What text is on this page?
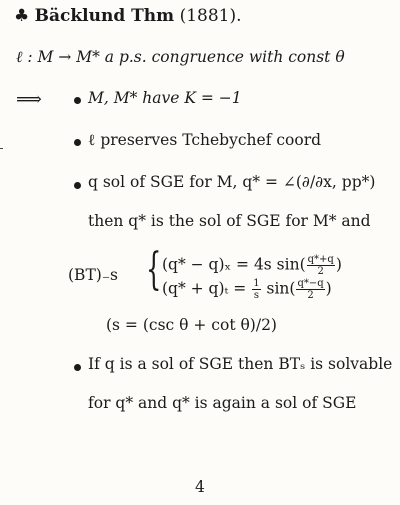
♣ Bäcklund Thm (1881).
ℓ : M → M* a p.s. congruence with const θ
⟹	M, M* have K = −1
ℓ preserves Tchebychef coord
q sol of SGE for M, q* = ∠(∂/∂x, pp*)
then q* is the sol of SGE for M* and
(BT)₋s { (q* − q)ₓ = 4s $\sin( \frac{q*+q}{2}$ )
$(q* + q)_t = \frac{1}{s} \sin( \frac{q*-q}{2}$ )
(s = (csc θ + cot θ)/2)
If q is a sol of SGE then BTₛ is solvable
for q* and q* is again a sol of SGE
4
